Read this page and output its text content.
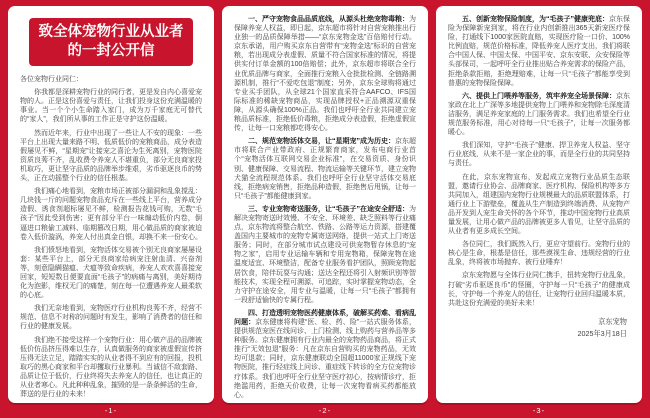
致全体宠物行业从业者
的一封公开信

各位宠物行业同仁：

你我都是深耕宠物行业的同行者，更是发自内心喜爱宠物的人。正是这份喜爱与责任，让我们投身这份充满温暖的事业。当一个个小生命踏入家门，成为万千家庭无可替代的“家人”，我们所从事的工作正是守护这份温暖。

然而近年来，行业中出现了一些让人不安的现象：一些平台上出现大量来路不明、低质低价的宠粮商品，成分表造假屡见不鲜，“星期宠”让接宠之喜沦为生死离别，宠物医院资质良莠不齐，乱收费令养宠人不堪重负，部分无良商家投机取巧，更让坚守品质的品牌举步维艰，劣币驱逐良币的势头，正在动摇整个行业的信任根基。

我们痛心地看到，宠粮市场正被部分漏洞和乱象搅乱：几块钱一斤的问题宠物食品充斥在一些线上平台，营养成分造假、诱食剂超标屡见不鲜，检测报告花钱可购，无数“毛孩子”因此受到伤害；更有部分平台一味煽动低价内卷，倒逼进口粮偷工减料、临期篡改日期，用心做品质的商家被迫卷入低价漩涡，养宠人付出真金白银，却换不来一份安心。

我们愤怒地看到，宠物活体交易被个别无良商家屡屡设套：某些平台上，部分无良商家给病宠注射血清、兴奋剂等，刻意隐瞒猫瘟、犬瘟等致命疾病，养宠人欢欢喜喜接宠回家，短短数日便要直面“毛孩子”的病痛与离别，美好期待化为泡影，维权无门的痛楚，刻在每一位遭遇养宠人最柔软的心底。

我们无奈地看到，宠物医疗行业机构良莠不齐，经营不规范、信息不对称的问题时有发生，影响了消费者的信任和行业的健康发展。

我们绝不接受这样一个宠物行业：用心做产品的品牌被低价仿品挤压得难以生存，认真做服务的商家被虚假宣传挤压得无法立足，踏踏实实的从业者得不到应有的回报，投机取巧的黑心商家和平台却攫取行业暴利。当诚信不敌套路、品质让位于低价，行业终将失去养宠人的信任，也让真正的从业者寒心。凡此种种乱象，摧毁的是一条条鲜活的生命，葬送的是行业的未来！

-1-

一、严守宠物食品品质底线，从源头杜绝宠物毒粮：为保障养宠人权益，即日起，京东超市将针对自营宠粮推出行业独一的品质保障举措——“京东宠物金选”百倍赔付行动。京东承诺，用户购买京东自营带有“宠物金选”标识的自营宠粮，若出现成分表虚假、质量不符合国家标准的情况，将提供实付订单金额的100倍赔偿；此外，京东超市将联合全行业优质品牌与商家，全面推行宠粮入仓批批检测、全链路溯源机制，推行“不爱吃包退”制度；另外，京东全球购将通过专业买手团队，从全球21个国家直采符合AAFCO、IFS国际标准的稀缺宠物商品，实现品牌授权+正品溯源双重保障，从源头确保100%正品。我们也呼吁全行业共同建立宠粮品质标准，拒绝低价毒粮，拒绝成分表造假，拒绝虚假宣传，让每一口宠粮都吃得安心。

二、规范宠物活体交易，让“星期宠”成为历史：京东超市将联合产业带政府、正规繁育商家，发布电商行业首个“宠物活体互联网交易企业标准”，在交易资质、身份识别、健康保障、交易流程、物流运输等关键环节，建立宠物犬猫全流程规范体系。我们也呼吁全行业坚守活体交易底线，拒绝病宠销售，拒绝品种造假，拒绝售后甩锅，让每一只“毛孩子”都能健康到家。

三、专业宠物寄送服务，让“毛孩子”在途安全舒适：为解决宠物寄送时效慢、不安全、环境差、缺乏照料等行业痛点，京东物流将整合航空、铁路、公路等运力资源，搭建覆盖国内主要城市的宠物专属寄送网络，提供一站式上门寄送服务；同时，在部分城市试点建设可供宠物暂存休息的“宠物之家”，启用专业运输车辆和专用宠物箱，保障宠物在途温度适宜、环境整洁，配备专业服务看护团队，照顾宠物起居饮食，陪伴玩耍与沟通；送达全程还将引入射频识别等智能技术，实现全程可溯源、可追踪，实时掌握宠物动态，全力守护在途安全，用专业与温暖，让每一只“毛孩子”都拥有一段舒适愉快的专属行程。

四、打造透明宠物医药健康体系，破解买药难、看病乱问题：京东健康将构建“医、检、药、险”一站式服务体系，提供规范宠医在线问诊、上门检测、线上购药与营养品等多种服务。京东健康拥有行业内最全的宠物药品商品，将正式推行“无效包退”服务：凡在京东自营购买的宠物药品，无效均可退款；同时，京东健康联动全国超11000家正规线下宠物医院，推行轻症线上问诊、重症线下转诊的全方位宠物诊疗体系。我们也呼吁全行业坚守医疗初心，按病情诊疗，拒绝滥用药，拒绝天价收费，让每一次宠物看病买药都能放心。

-2-

五、创新宠物保险制度，为“毛孩子”健康兜底：京东保险为保障新宠到家，将在行业内创新推出365天新宠医疗保险，打通线下1000家医院直赔，实现医疗险一口价、100%比例直赔，规范价格标准，降低养宠人医疗支出，我们将联合中国人保、中国太保、中国平安、京东安联、众安保险等头部保司，一起呼吁全行业推出贴合养宠需求的保险产品，拒绝条款拒赔，拒绝理赔难，让每一只“毛孩子”都能享受到普惠的宠物保险保障。

六、提供上门喂养等服务，筑牢养宠全场景保障：京东家政在北上广深等多地提供宠物上门喂养和宠物除毛深度清洁服务，满足养宠家庭的上门服务需求。我们也希望全行业规范服务标准，用心对待每一只“毛孩子”，让每一次服务都暖心。

我们深知，守护“毛孩子”健康、捍卫养宠人权益、坚守行业底线，从来不是一家企业的事，而是全行业的共同坚持与责任。

在此，京东宠物宣布，发起成立宠物行业品质生态联盟，邀请行业协会、品牌商家、医疗机构、保险机构等多方共同加入，组建国内宠物行业规模最大的品质联盟体系，打通行业上下游壁垒，覆盖从生产制造到终端消费、从宠物产品开发到人宠生命关怀的各个环节，推动中国宠物行业高质量发展，让用心做产品的品牌被更多人看见，让坚守品质的从业者有更多成长空间。

各位同仁，我们既然入行，更应守望前行。宠物行业的核心是生命，根基是信任，那些漠视生命、违规经营的行业乱象，终将被市场抛弃、被行业唾弃！

京东宠物愿与全体行业同仁携手，扭转宠物行业乱象，打破“劣币驱逐良币”的怪圈，守护每一只“毛孩子”的健康成长，守护每一个养宠人的信任，让宠物行业回归温暖本质，共赴这份充满爱的美好未来！

京东宠物
2025年3月18日
-3-
